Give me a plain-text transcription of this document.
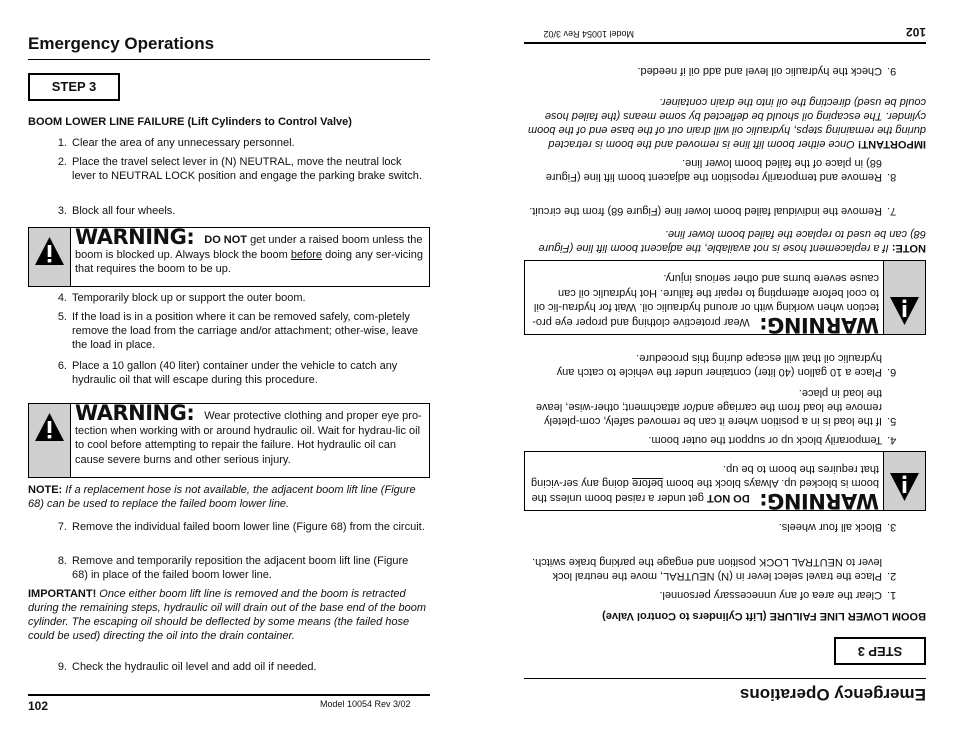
Emergency Operations
STEP 3
BOOM LOWER LINE FAILURE (Lift Cylinders to Control Valve)
1. Clear the area of any unnecessary personnel.
2. Place the travel select lever in (N) NEUTRAL, move the neutral lock lever to NEUTRAL LOCK position and engage the parking brake switch.
3. Block all four wheels.
WARNING: DO NOT get under a raised boom unless the boom is blocked up. Always block the boom before doing any ser-vicing that requires the boom to be up.
4. Temporarily block up or support the outer boom.
5. If the load is in a position where it can be removed safely, com-pletely remove the load from the carriage and/or attachment; other-wise, leave the load in place.
6. Place a 10 gallon (40 liter) container under the vehicle to catch any hydraulic oil that will escape during this procedure.
WARNING: Wear protective clothing and proper eye pro-tection when working with or around hydraulic oil. Wait for hydrau-lic oil to cool before attempting to repair the failure. Hot hydraulic oil can cause severe burns and other serious injury.
NOTE: If a replacement hose is not available, the adjacent boom lift line (Figure 68) can be used to replace the failed boom lower line.
7. Remove the individual failed boom lower line (Figure 68) from the circuit.
8. Remove and temporarily reposition the adjacent boom lift line (Figure 68) in place of the failed boom lower line.
IMPORTANT! Once either boom lift line is removed and the boom is retracted during the remaining steps, hydraulic oil will drain out of the base end of the boom cylinder. The escaping oil should be deflected by some means (the failed hose could be used) directing the oil into the drain container.
9. Check the hydraulic oil level and add oil if needed.
102	Model 10054 Rev 3/02	Emergency Operations
STEP 3
BOOM LOWER LINE FAILURE (Lift Cylinders to Control Valve)
1.
Clear the area of any unnecessary personnel.
2.
Place the travel select lever in (N) NEUTRAL, move the neutral lock lever to NEUTRAL LOCK position and engage the parking brake switch.
3.
Block all four wheels.
WARNING:DO NOT get under a raised boom unless the boom is blocked up. Always block the boom before doing any ser-vicing that requires the boom to be up.
4.
Temporarily block up or support the outer boom.
5.
If the load is in a position where it can be removed safely, com-pletely remove the load from the carriage and/or attachment; other-wise, leave the load in place.
6.
Place a 10 gallon (40 liter) container under the vehicle to catch any hydraulic oil that will escape during this procedure.
WARNING:Wear protective clothing and proper eye pro-tection when working with or around hydraulic oil. Wait for hydrau-lic oil to cool before attempting to repair the failure. Hot hydraulic oil can cause severe burns and other serious injury.
NOTE: If a replacement hose is not available, the adjacent boom lift line (Figure 68) can be used to replace the failed boom lower line.
7.
Remove the individual failed boom lower line (Figure 68) from the circuit.
8.
Remove and temporarily reposition the adjacent boom lift line (Figure 68) in place of the failed boom lower line.
IMPORTANT! Once either boom lift line is removed and the boom is retracted during the remaining steps, hydraulic oil will drain out of the base end of the boom cylinder. The escaping oil should be deflected by some means (the failed hose could be used) directing the oil into the drain container.
9.
Check the hydraulic oil level and add oil if needed.
102
Model 10054 Rev 3/02
